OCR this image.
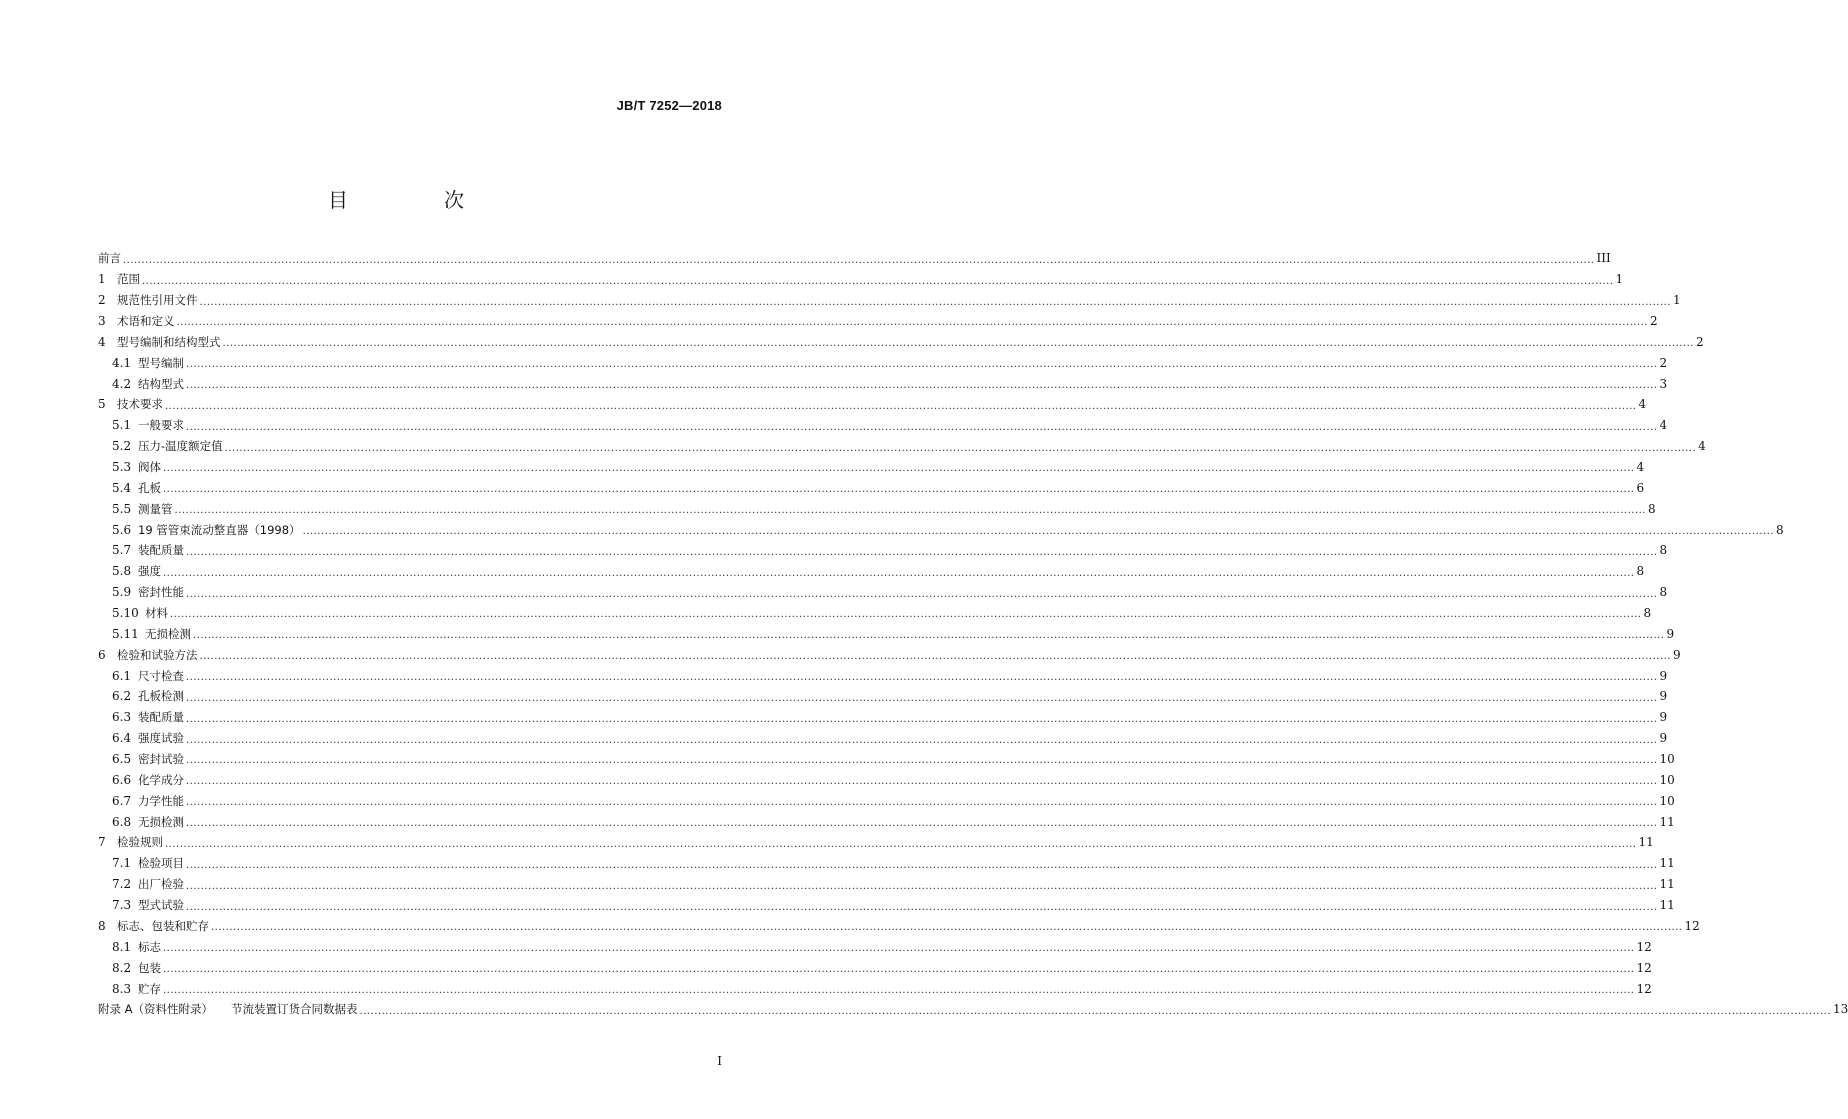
JB/T 7252—2018
目　次
前言 ................................................................................................................................................................................................................................................................................................................................................................................................................ III
1 范围 ................................................................................................................................................................................................................................................................................................................................................................................................................ 1
2 规范性引用文件 ................................................................................................................................................................................................................................................................................................................................................................................................................ 1
3 术语和定义 ................................................................................................................................................................................................................................................................................................................................................................................................................ 2
4 型号编制和结构型式 ................................................................................................................................................................................................................................................................................................................................................................................................................ 2
4.1 型号编制 ................................................................................................................................................................................................................................................................................................................................................................................................................ 2
4.2 结构型式 ................................................................................................................................................................................................................................................................................................................................................................................................................ 3
5 技术要求 ................................................................................................................................................................................................................................................................................................................................................................................................................ 4
5.1 一般要求 ................................................................................................................................................................................................................................................................................................................................................................................................................ 4
5.2 压力-温度额定值 ................................................................................................................................................................................................................................................................................................................................................................................................................ 4
5.3 阀体 ................................................................................................................................................................................................................................................................................................................................................................................................................ 4
5.4 孔板 ................................................................................................................................................................................................................................................................................................................................................................................................................ 6
5.5 测量管 ................................................................................................................................................................................................................................................................................................................................................................................................................ 8
5.6 19 管管束流动整直器（1998） ................................................................................................................................................................................................................................................................................................................................................................................................................ 8
5.7 装配质量 ................................................................................................................................................................................................................................................................................................................................................................................................................ 8
5.8 强度 ................................................................................................................................................................................................................................................................................................................................................................................................................ 8
5.9 密封性能 ................................................................................................................................................................................................................................................................................................................................................................................................................ 8
5.10 材料 ................................................................................................................................................................................................................................................................................................................................................................................................................ 8
5.11 无损检测 ................................................................................................................................................................................................................................................................................................................................................................................................................ 9
6 检验和试验方法 ................................................................................................................................................................................................................................................................................................................................................................................................................ 9
6.1 尺寸检查 ................................................................................................................................................................................................................................................................................................................................................................................................................ 9
6.2 孔板检测 ................................................................................................................................................................................................................................................................................................................................................................................................................ 9
6.3 装配质量 ................................................................................................................................................................................................................................................................................................................................................................................................................ 9
6.4 强度试验 ................................................................................................................................................................................................................................................................................................................................................................................................................ 9
6.5 密封试验 ................................................................................................................................................................................................................................................................................................................................................................................................................ 10
6.6 化学成分 ................................................................................................................................................................................................................................................................................................................................................................................................................ 10
6.7 力学性能 ................................................................................................................................................................................................................................................................................................................................................................................................................ 10
6.8 无损检测 ................................................................................................................................................................................................................................................................................................................................................................................................................ 11
7 检验规则 ................................................................................................................................................................................................................................................................................................................................................................................................................ 11
7.1 检验项目 ................................................................................................................................................................................................................................................................................................................................................................................................................ 11
7.2 出厂检验 ................................................................................................................................................................................................................................................................................................................................................................................................................ 11
7.3 型式试验 ................................................................................................................................................................................................................................................................................................................................................................................................................ 11
8 标志、包装和贮存 ................................................................................................................................................................................................................................................................................................................................................................................................................ 12
8.1 标志 ................................................................................................................................................................................................................................................................................................................................................................................................................ 12
8.2 包装 ................................................................................................................................................................................................................................................................................................................................................................................................................ 12
8.3 贮存 ................................................................................................................................................................................................................................................................................................................................................................................................................ 12
附录 A（资料性附录） 节流装置订货合同数据表 ................................................................................................................................................................................................................................................................................................................................................................................................................ 13
I
